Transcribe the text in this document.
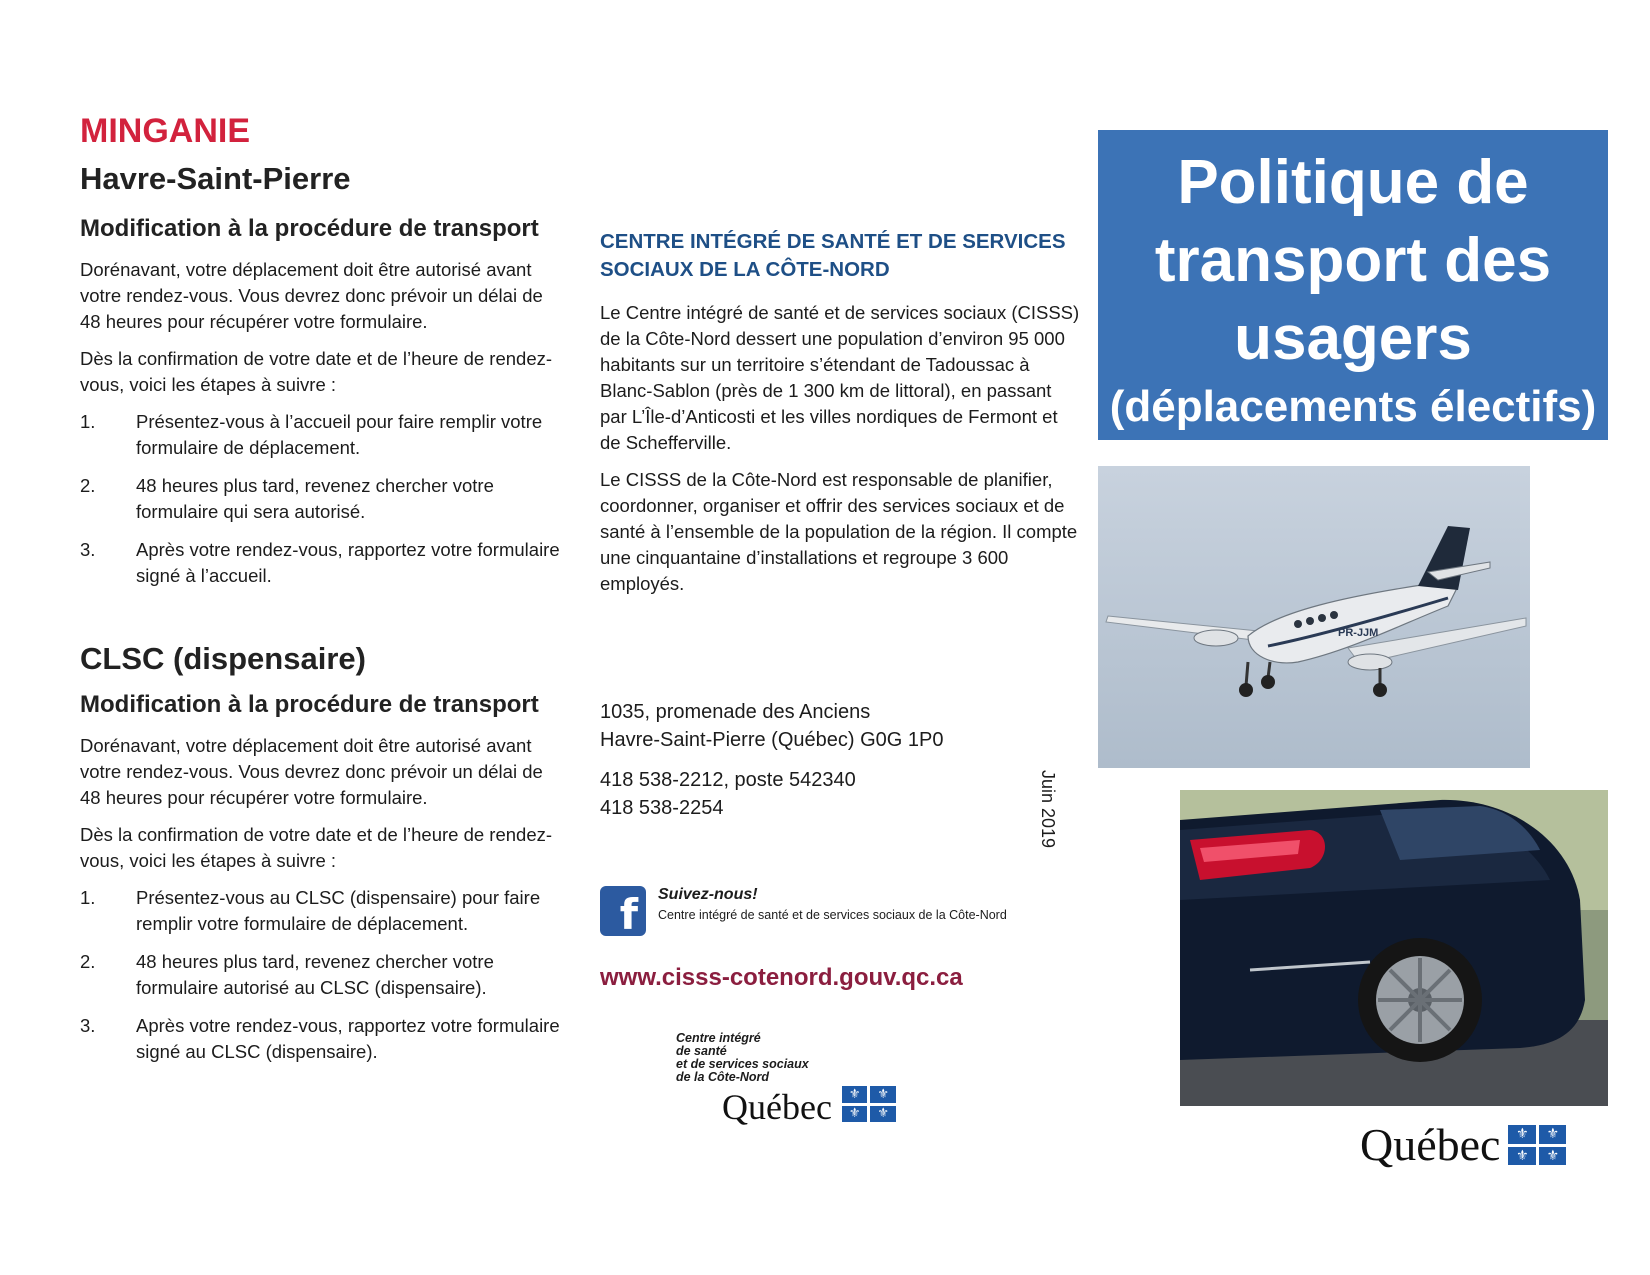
MINGANIE
Havre-Saint-Pierre
Modification à la procédure de transport

Dorénavant, votre déplacement doit être autorisé avant votre rendez-vous. Vous devrez donc prévoir un délai de 48 heures pour récupérer votre formulaire.

Dès la confirmation de votre date et de l’heure de rendez-vous, voici les étapes à suivre :

1.	Présentez-vous à l’accueil pour faire remplir votre formulaire de déplacement.
2.	48 heures plus tard, revenez chercher votre formulaire qui sera autorisé.
3.	Après votre rendez-vous, rapportez votre formulaire signé à l’accueil.
CLSC (dispensaire)
Modification à la procédure de transport

Dorénavant, votre déplacement doit être autorisé avant votre rendez-vous. Vous devrez donc prévoir un délai de 48 heures pour récupérer votre formulaire.

Dès la confirmation de votre date et de l’heure de rendez-vous, voici les étapes à suivre :

1.	Présentez-vous au CLSC (dispensaire) pour faire remplir votre formulaire de déplacement.
2.	48 heures plus tard, revenez chercher votre formulaire autorisé au CLSC (dispensaire).
3.	Après votre rendez-vous, rapportez votre formulaire signé au CLSC (dispensaire).
CENTRE INTÉGRÉ DE SANTÉ ET DE SERVICES
SOCIAUX DE LA CÔTE-NORD

Le Centre intégré de santé et de services sociaux (CISSS) de la Côte-Nord dessert une population d’environ 95 000 habitants sur un territoire s’étendant de Tadoussac à Blanc-Sablon (près de 1 300 km de littoral), en passant par L’Île-d’Anticosti et les villes nordiques de Fermont et de Schefferville.

Le CISSS de la Côte-Nord est responsable de planifier, coordonner, organiser et offrir des services sociaux et de santé à l’ensemble de la population de la région. Il compte une cinquantaine d’installations et regroupe 3 600 employés.

1035, promenade des Anciens

Havre-Saint-Pierre (Québec) G0G 1P0

418 538-2212, poste 542340

418 538-2254

f	Suivez-nous!
Centre intégré de santé et de services sociaux de la Côte-Nord
www.cisss-cotenord.gouv.qc.ca
Centre intégré
de santé
et de services sociaux
de la Côte-Nord
Québec	⚜	⚜
⚜	⚜
Juin 2019
Politique de
transport des
usagers
(déplacements électifs)
PR-JJM
Québec	⚜	⚜
⚜	⚜
